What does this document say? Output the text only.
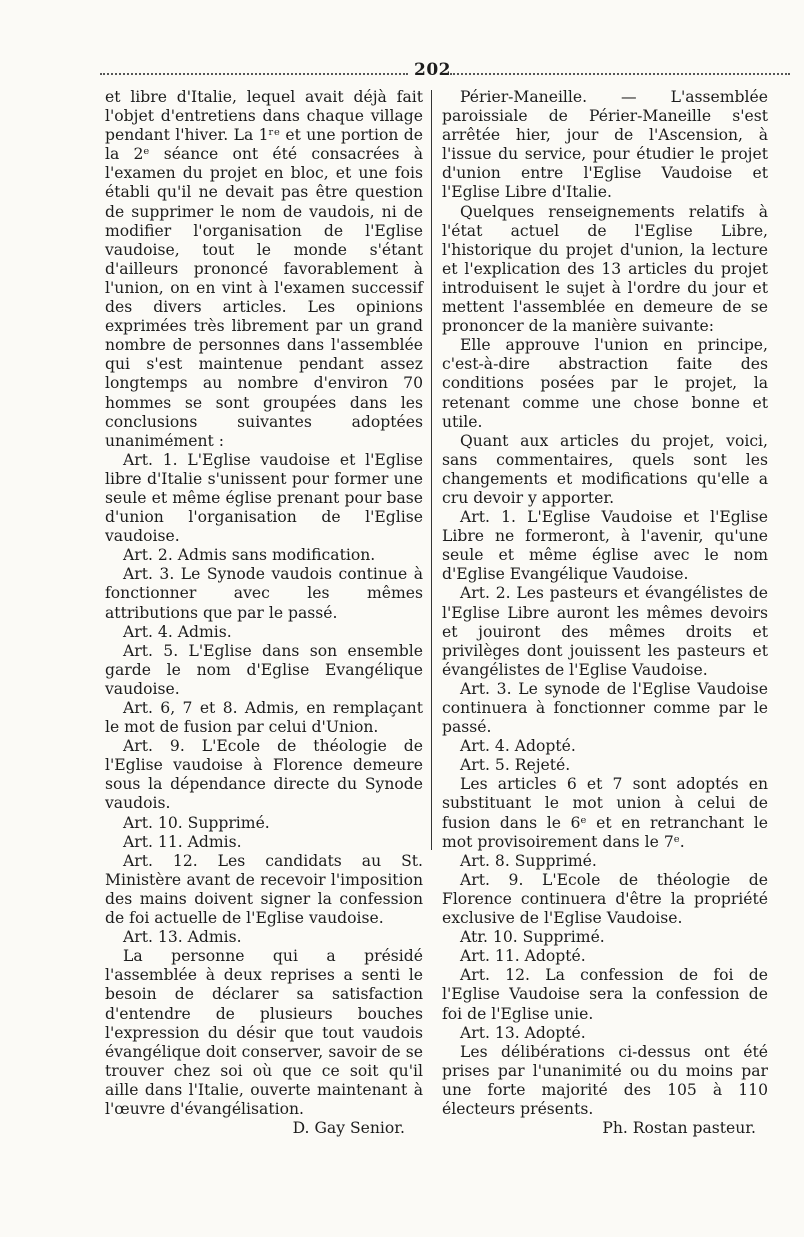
202

et libre d'Italie, lequel avait déjà fait l'objet d'entretiens dans chaque village pendant l'hiver. La 1ʳᵉ et une portion de la 2ᵉ séance ont été consacrées à l'examen du projet en bloc, et une fois établi qu'il ne devait pas être question de supprimer le nom de vaudois, ni de modifier l'organisation de l'Eglise vaudoise, tout le monde s'étant d'ailleurs prononcé favorablement à l'union, on en vint à l'examen successif des divers articles. Les opinions exprimées très librement par un grand nombre de personnes dans l'assemblée qui s'est maintenue pendant assez longtemps au nombre d'environ 70 hommes se sont groupées dans les conclusions suivantes adoptées unanimément :

Art. 1. L'Eglise vaudoise et l'Eglise libre d'Italie s'unissent pour former une seule et même église prenant pour base d'union l'organisation de l'Eglise vaudoise.

Art. 2. Admis sans modification.

Art. 3. Le Synode vaudois continue à fonctionner avec les mêmes attributions que par le passé.

Art. 4. Admis.

Art. 5. L'Eglise dans son ensemble garde le nom d'Eglise Evangélique vaudoise.

Art. 6, 7 et 8. Admis, en remplaçant le mot de fusion par celui d'Union.

Art. 9. L'Ecole de théologie de l'Eglise vaudoise à Florence demeure sous la dépendance directe du Synode vaudois.

Art. 10. Supprimé.

Art. 11. Admis.

Art. 12. Les candidats au St. Ministère avant de recevoir l'imposition des mains doivent signer la confession de foi actuelle de l'Eglise vaudoise.

Art. 13. Admis.

La personne qui a présidé l'assemblée à deux reprises a senti le besoin de déclarer sa satisfaction d'entendre de plusieurs bouches l'expression du désir que tout vaudois évangélique doit conserver, savoir de se trouver chez soi où que ce soit qu'il aille dans l'Italie, ouverte maintenant à l'œuvre d'évangélisation.

D. Gay Senior.

Périer-Maneille. — L'assemblée paroissiale de Périer-Maneille s'est arrêtée hier, jour de l'Ascension, à l'issue du service, pour étudier le projet d'union entre l'Eglise Vaudoise et l'Eglise Libre d'Italie.

Quelques renseignements relatifs à l'état actuel de l'Eglise Libre, l'historique du projet d'union, la lecture et l'explication des 13 articles du projet introduisent le sujet à l'ordre du jour et mettent l'assemblée en demeure de se prononcer de la manière suivante:

Elle approuve l'union en principe, c'est-à-dire abstraction faite des conditions posées par le projet, la retenant comme une chose bonne et utile.

Quant aux articles du projet, voici, sans commentaires, quels sont les changements et modifications qu'elle a cru devoir y apporter.

Art. 1. L'Eglise Vaudoise et l'Eglise Libre ne formeront, à l'avenir, qu'une seule et même église avec le nom d'Eglise Evangélique Vaudoise.

Art. 2. Les pasteurs et évangélistes de l'Eglise Libre auront les mêmes devoirs et jouiront des mêmes droits et privilèges dont jouissent les pasteurs et évangélistes de l'Eglise Vaudoise.

Art. 3. Le synode de l'Eglise Vaudoise continuera à fonctionner comme par le passé.

Art. 4. Adopté.

Art. 5. Rejeté.

Les articles 6 et 7 sont adoptés en substituant le mot union à celui de fusion dans le 6ᵉ et en retranchant le mot provisoirement dans le 7ᵉ.

Art. 8. Supprimé.

Art. 9. L'Ecole de théologie de Florence continuera d'être la propriété exclusive de l'Eglise Vaudoise.

Atr. 10. Supprimé.

Art. 11. Adopté.

Art. 12. La confession de foi de l'Eglise Vaudoise sera la confession de foi de l'Eglise unie.

Art. 13. Adopté.

Les délibérations ci-dessus ont été prises par l'unanimité ou du moins par une forte majorité des 105 à 110 électeurs présents.

Ph. Rostan pasteur.
